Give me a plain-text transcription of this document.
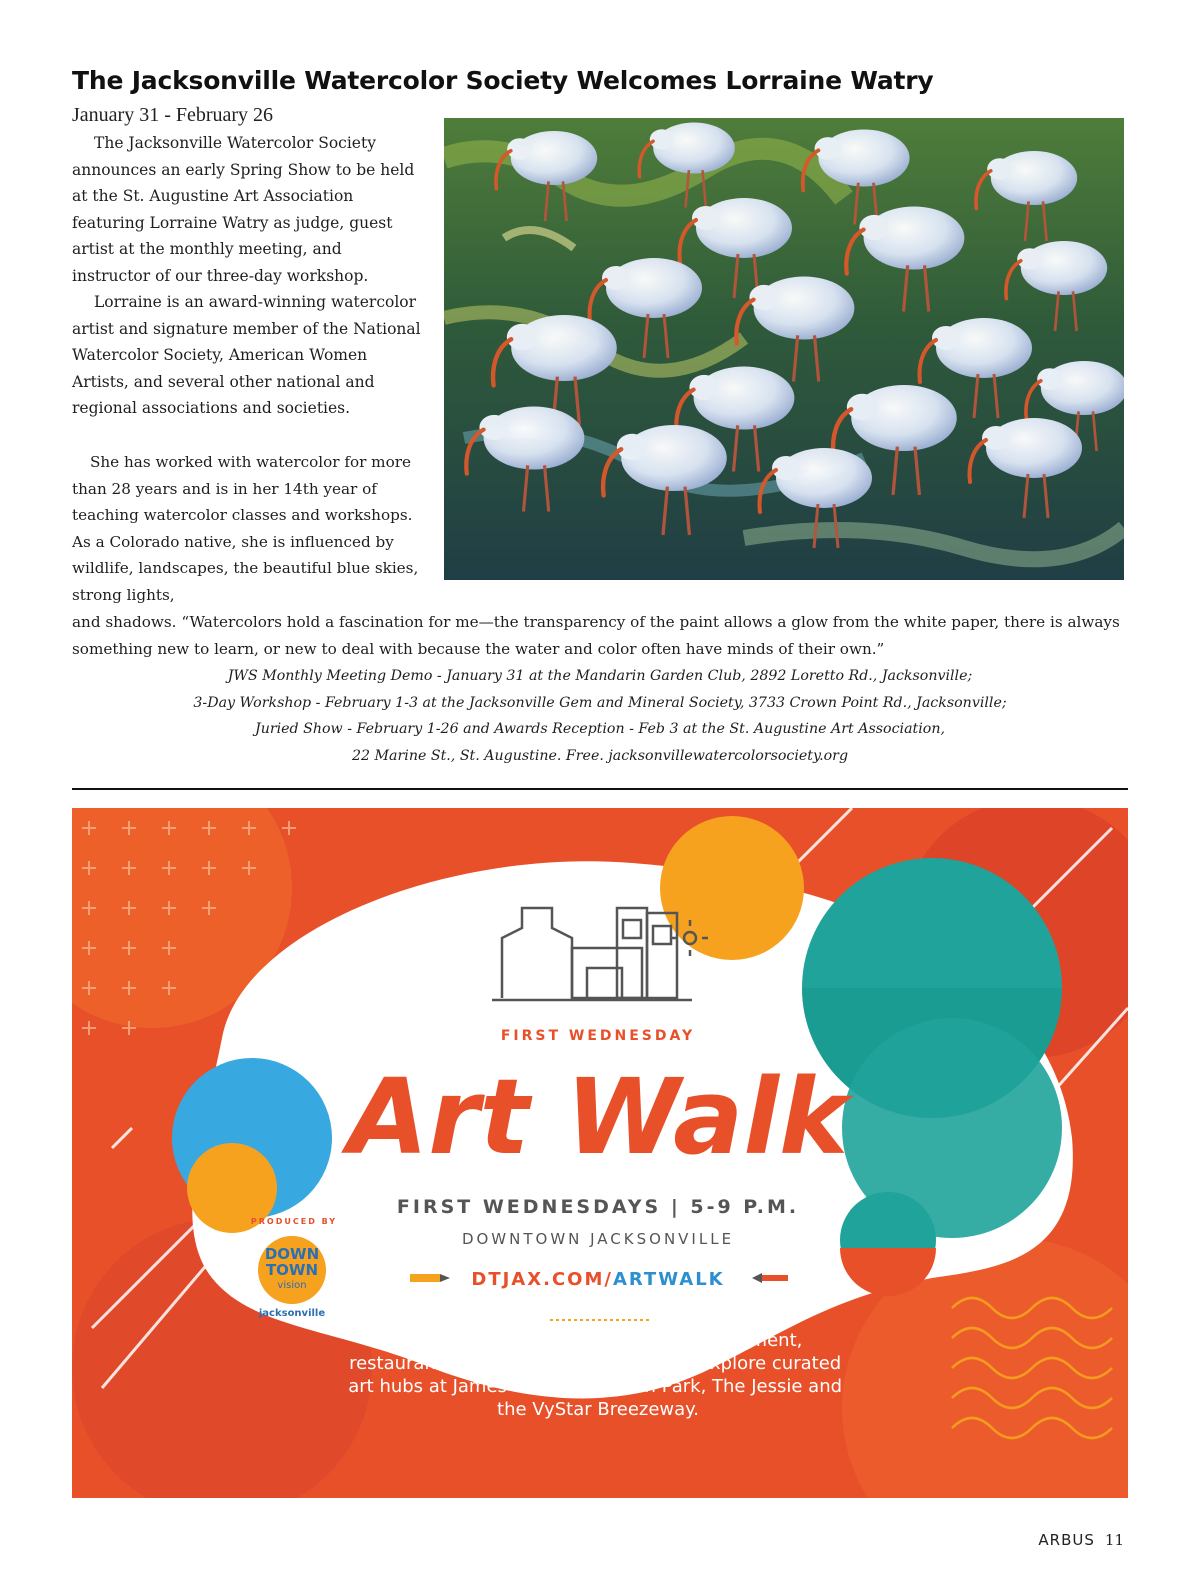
The Jacksonville Watercolor Society Welcomes Lorraine Watry
January 31 - February 26

The Jacksonville Watercolor Society announces an early Spring Show to be held at the St. Augustine Art Association featuring Lorraine Watry as judge, guest artist at the monthly meeting, and instructor of our three-day workshop.

Lorraine is an award-winning watercolor artist and signature member of the National Watercolor Society, American Women Artists, and several other national and regional associations and societies.

She has worked with watercolor for more than 28 years and is in her 14th year of teaching watercolor classes and workshops. As a Colorado native, she is influenced by wildlife, landscapes, the beautiful blue skies, strong lights,

and shadows. “Watercolors hold a fascination for me—the transparency of the paint allows a glow from the white paper, there is always something new to learn, or new to deal with because the water and color often have minds of their own.”

JWS Monthly Meeting Demo - January 31 at the Mandarin Garden Club, 2892 Loretto Rd., Jacksonville;
3-Day Workshop - February 1-3 at the Jacksonville Gem and Mineral Society, 3733 Crown Point Rd., Jacksonville;
Juried Show - February 1-26 and Awards Reception - Feb 3 at the St. Augustine Art Association,
22 Marine St., St. Augustine. Free. jacksonvillewatercolorsociety.org
FIRST WEDNESDAY
Art Walk
FIRST WEDNESDAYS | 5-9 P.M.
DOWNTOWN JACKSONVILLE
DTJAX.COM/ARTWALK
PRODUCED BY
DOWN
TOWN
vision
jacksonville
Take a self-guided tour of arts, entertainment, restaurants, shops, murals, and more. Explore curated art hubs at James Weldon Johnson Park, The Jessie and the VyStar Breezeway.
ARBUS 11
